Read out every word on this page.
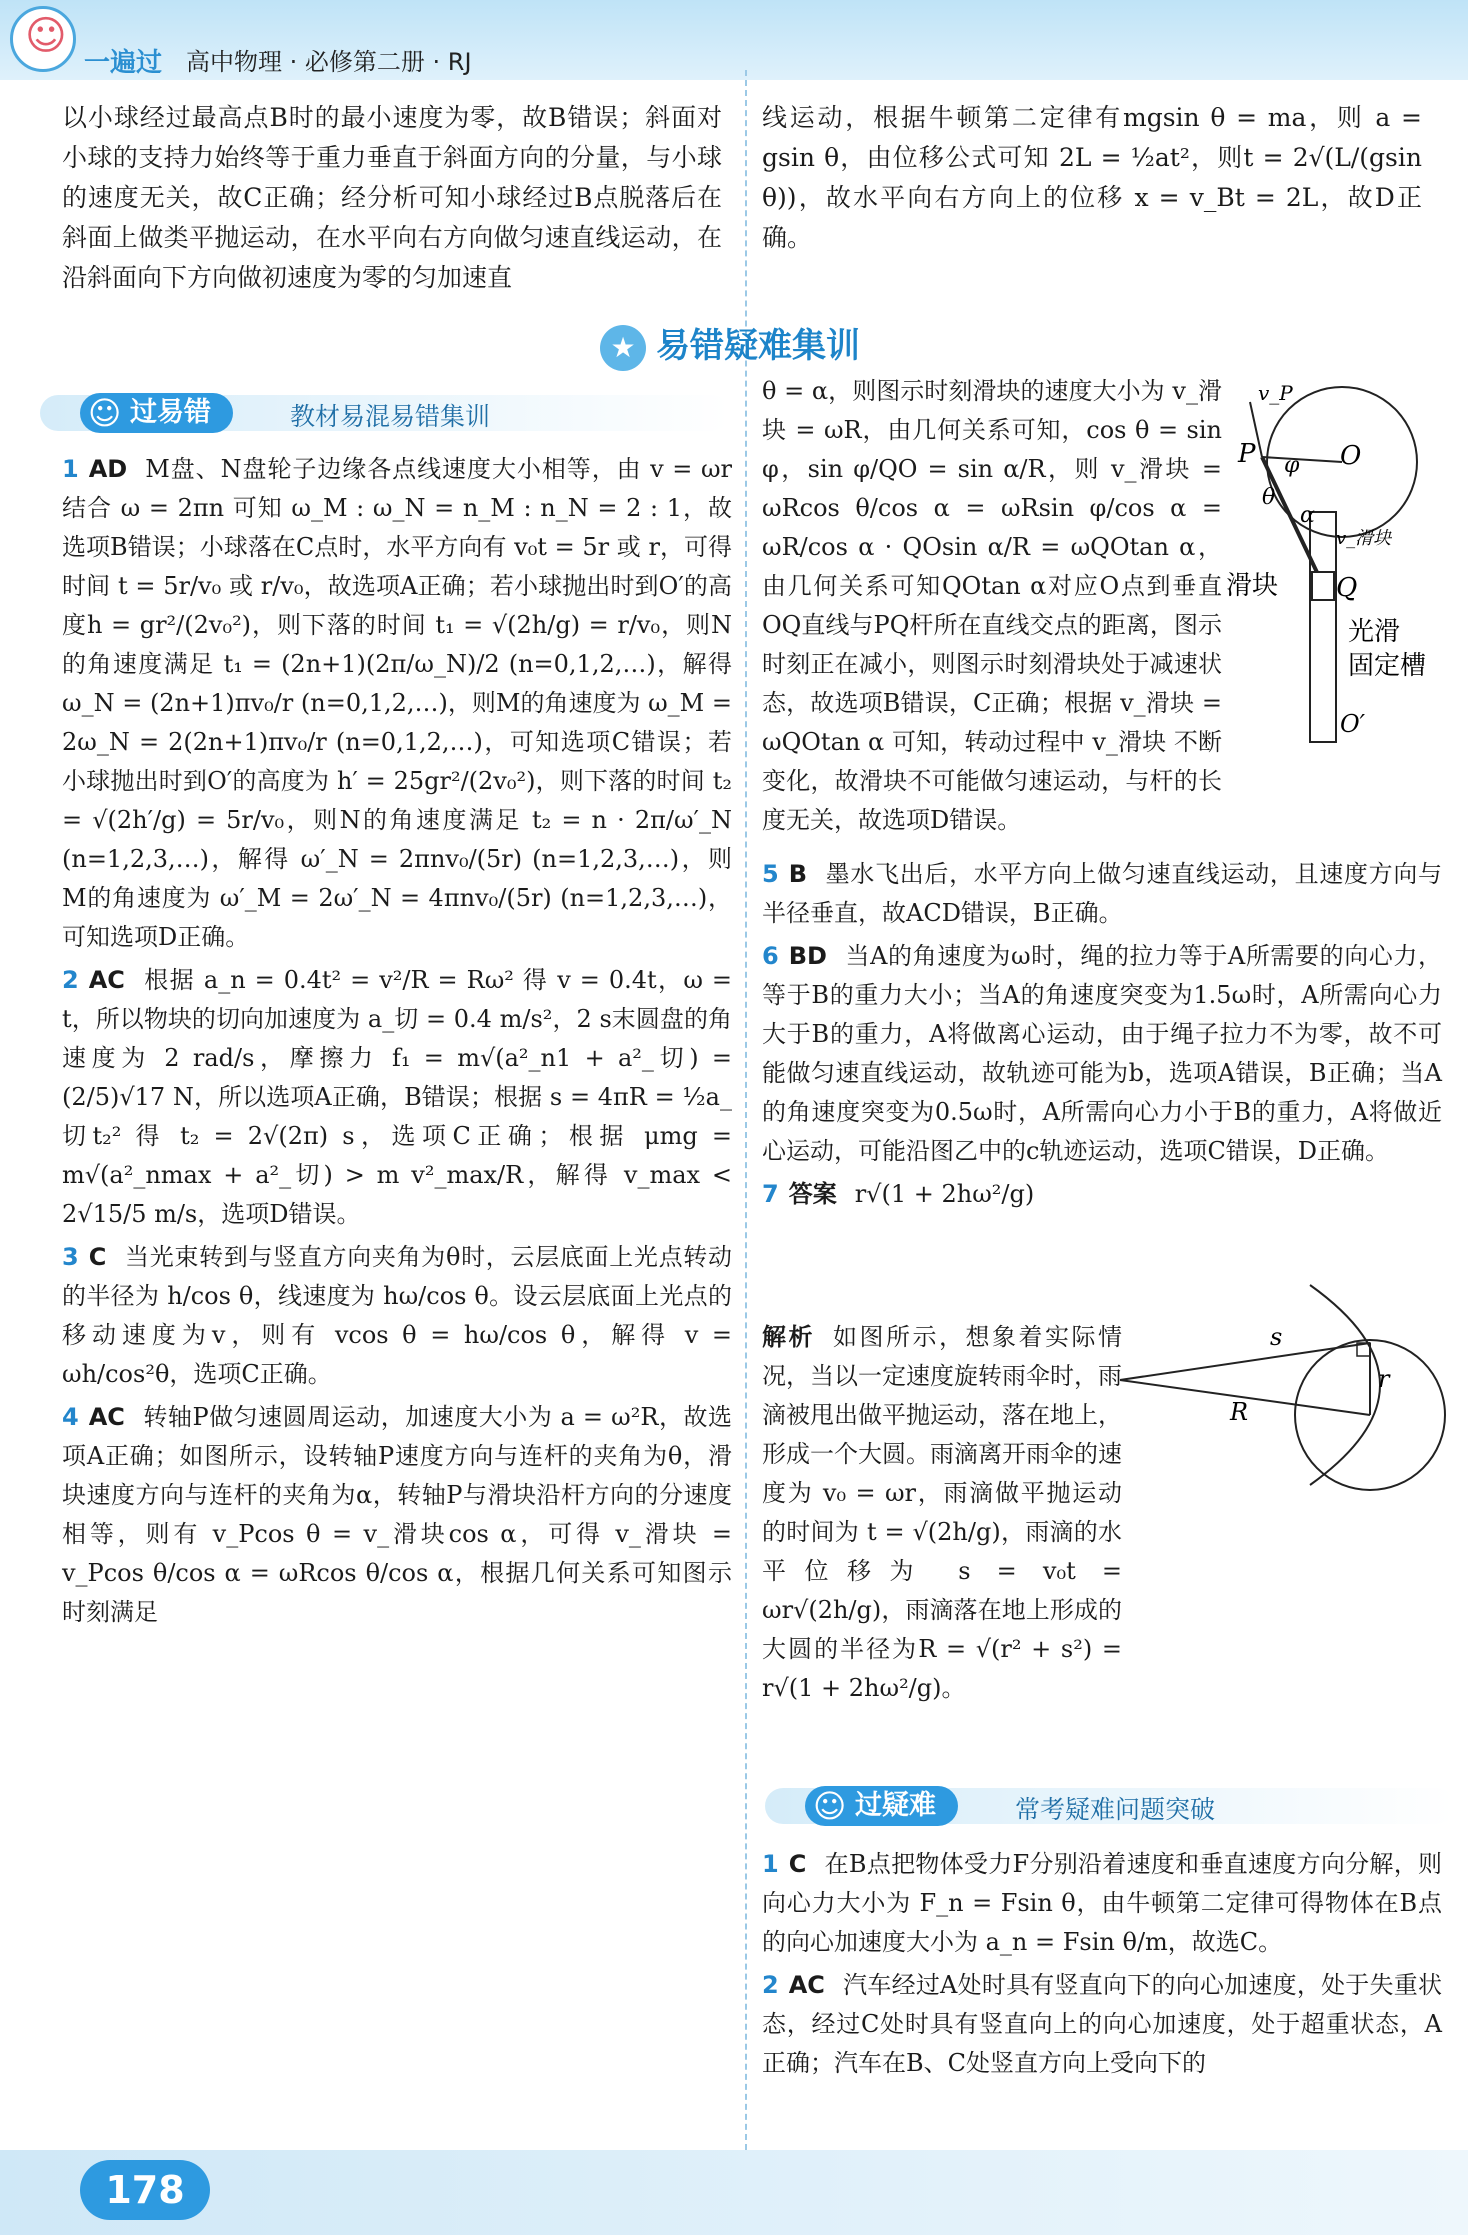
☺
一遍过 高中物理 · 必修第二册 · RJ

以小球经过最高点B时的最小速度为零，故B错误；斜面对小球的支持力始终等于重力垂直于斜面方向的分量，与小球的速度无关，故C正确；经分析可知小球经过B点脱落后在斜面上做类平抛运动，在水平向右方向做匀速直线运动，在沿斜面向下方向做初速度为零的匀加速直

线运动，根据牛顿第二定律有mgsin θ = ma，则 a = gsin θ，由位移公式可知 2L = ½at²，则t = 2√(L/(gsin θ))，故水平向右方向上的位移 x = v_Bt = 2L，故D正确。

★ 易错疑难集训
☺ 过易错	教材易混易错集训

1 AD M盘、N盘轮子边缘各点线速度大小相等，由 v = ωr 结合 ω = 2πn 可知 ω_M : ω_N = n_M : n_N = 2 : 1，故选项B错误；小球落在C点时，水平方向有 v₀t = 5r 或 r，可得时间 t = 5r/v₀ 或 r/v₀，故选项A正确；若小球抛出时到O′的高度h = gr²/(2v₀²)，则下落的时间 t₁ = √(2h/g) = r/v₀，则N的角速度满足 t₁ = (2n+1)(2π/ω_N)/2 (n=0,1,2,…)，解得 ω_N = (2n+1)πv₀/r (n=0,1,2,…)，则M的角速度为 ω_M = 2ω_N = 2(2n+1)πv₀/r (n=0,1,2,…)，可知选项C错误；若小球抛出时到O′的高度为 h′ = 25gr²/(2v₀²)，则下落的时间 t₂ = √(2h′/g) = 5r/v₀，则N的角速度满足 t₂ = n · 2π/ω′_N (n=1,2,3,…)，解得 ω′_N = 2πnv₀/(5r) (n=1,2,3,…)，则M的角速度为 ω′_M = 2ω′_N = 4πnv₀/(5r) (n=1,2,3,…)，可知选项D正确。

2 AC 根据 a_n = 0.4t² = v²/R = Rω² 得 v = 0.4t，ω = t，所以物块的切向加速度为 a_切 = 0.4 m/s²，2 s末圆盘的角速度为 2 rad/s，摩擦力 f₁ = m√(a²_n1 + a²_切) = (2/5)√17 N，所以选项A正确，B错误；根据 s = 4πR = ½a_切t₂² 得 t₂ = 2√(2π) s，选项C正确；根据 μmg = m√(a²_nmax + a²_切) > m v²_max/R，解得 v_max < 2√15/5 m/s，选项D错误。

3 C 当光束转到与竖直方向夹角为θ时，云层底面上光点转动的半径为 h/cos θ，线速度为 hω/cos θ。设云层底面上光点的移动速度为v，则有 vcos θ = hω/cos θ，解得 v = ωh/cos²θ，选项C正确。

4 AC 转轴P做匀速圆周运动，加速度大小为 a = ω²R，故选项A正确；如图所示，设转轴P速度方向与连杆的夹角为θ，滑块速度方向与连杆的夹角为α，转轴P与滑块沿杆方向的分速度相等，则有 v_Pcos θ = v_滑块cos α，可得 v_滑块 = v_Pcos θ/cos α = ωRcos θ/cos α，根据几何关系可知图示时刻满足

θ = α，则图示时刻滑块的速度大小为 v_滑块 = ωR，由几何关系可知，cos θ = sin φ，sin φ/QO = sin α/R，则 v_滑块 = ωRcos θ/cos α = ωRsin φ/cos α = ωR/cos α · QOsin α/R = ωQOtan α，由几何关系可知QOtan α对应O点到垂直OQ直线与PQ杆所在直线交点的距离，图示时刻正在减小，则图示时刻滑块处于减速状态，故选项B错误，C正确；根据 v_滑块 = ωQOtan α 可知，转动过程中 v_滑块 不断变化，故滑块不可能做匀速运动，与杆的长度无关，故选项D错误。

v_P
P φ O
θ
α
v_滑块
滑块 Q
光滑
固定槽
O′

5 B 墨水飞出后，水平方向上做匀速直线运动，且速度方向与半径垂直，故ACD错误，B正确。

6 BD 当A的角速度为ω时，绳的拉力等于A所需要的向心力，等于B的重力大小；当A的角速度突变为1.5ω时，A所需向心力大于B的重力，A将做离心运动，由于绳子拉力不为零，故不可能做匀速直线运动，故轨迹可能为b，选项A错误，B正确；当A的角速度突变为0.5ω时，A所需向心力小于B的重力，A将做近心运动，可能沿图乙中的c轨迹运动，选项C错误，D正确。

7 答案 r√(1 + 2hω²/g)

解析 如图所示，想象着实际情况，当以一定速度旋转雨伞时，雨滴被甩出做平抛运动，落在地上，形成一个大圆。雨滴离开雨伞的速度为 v₀ = ωr，雨滴做平抛运动的时间为 t = √(2h/g)，雨滴的水平位移为 s = v₀t = ωr√(2h/g)，雨滴落在地上形成的大圆的半径为R = √(r² + s²) = r√(1 + 2hω²/g)。

s
R
r
☺ 过疑难	常考疑难问题突破

1 C 在B点把物体受力F分别沿着速度和垂直速度方向分解，则向心力大小为 F_n = Fsin θ，由牛顿第二定律可得物体在B点的向心加速度大小为 a_n = Fsin θ/m，故选C。

2 AC 汽车经过A处时具有竖直向下的向心加速度，处于失重状态，经过C处时具有竖直向上的向心加速度，处于超重状态，A正确；汽车在B、C处竖直方向上受向下的

178
